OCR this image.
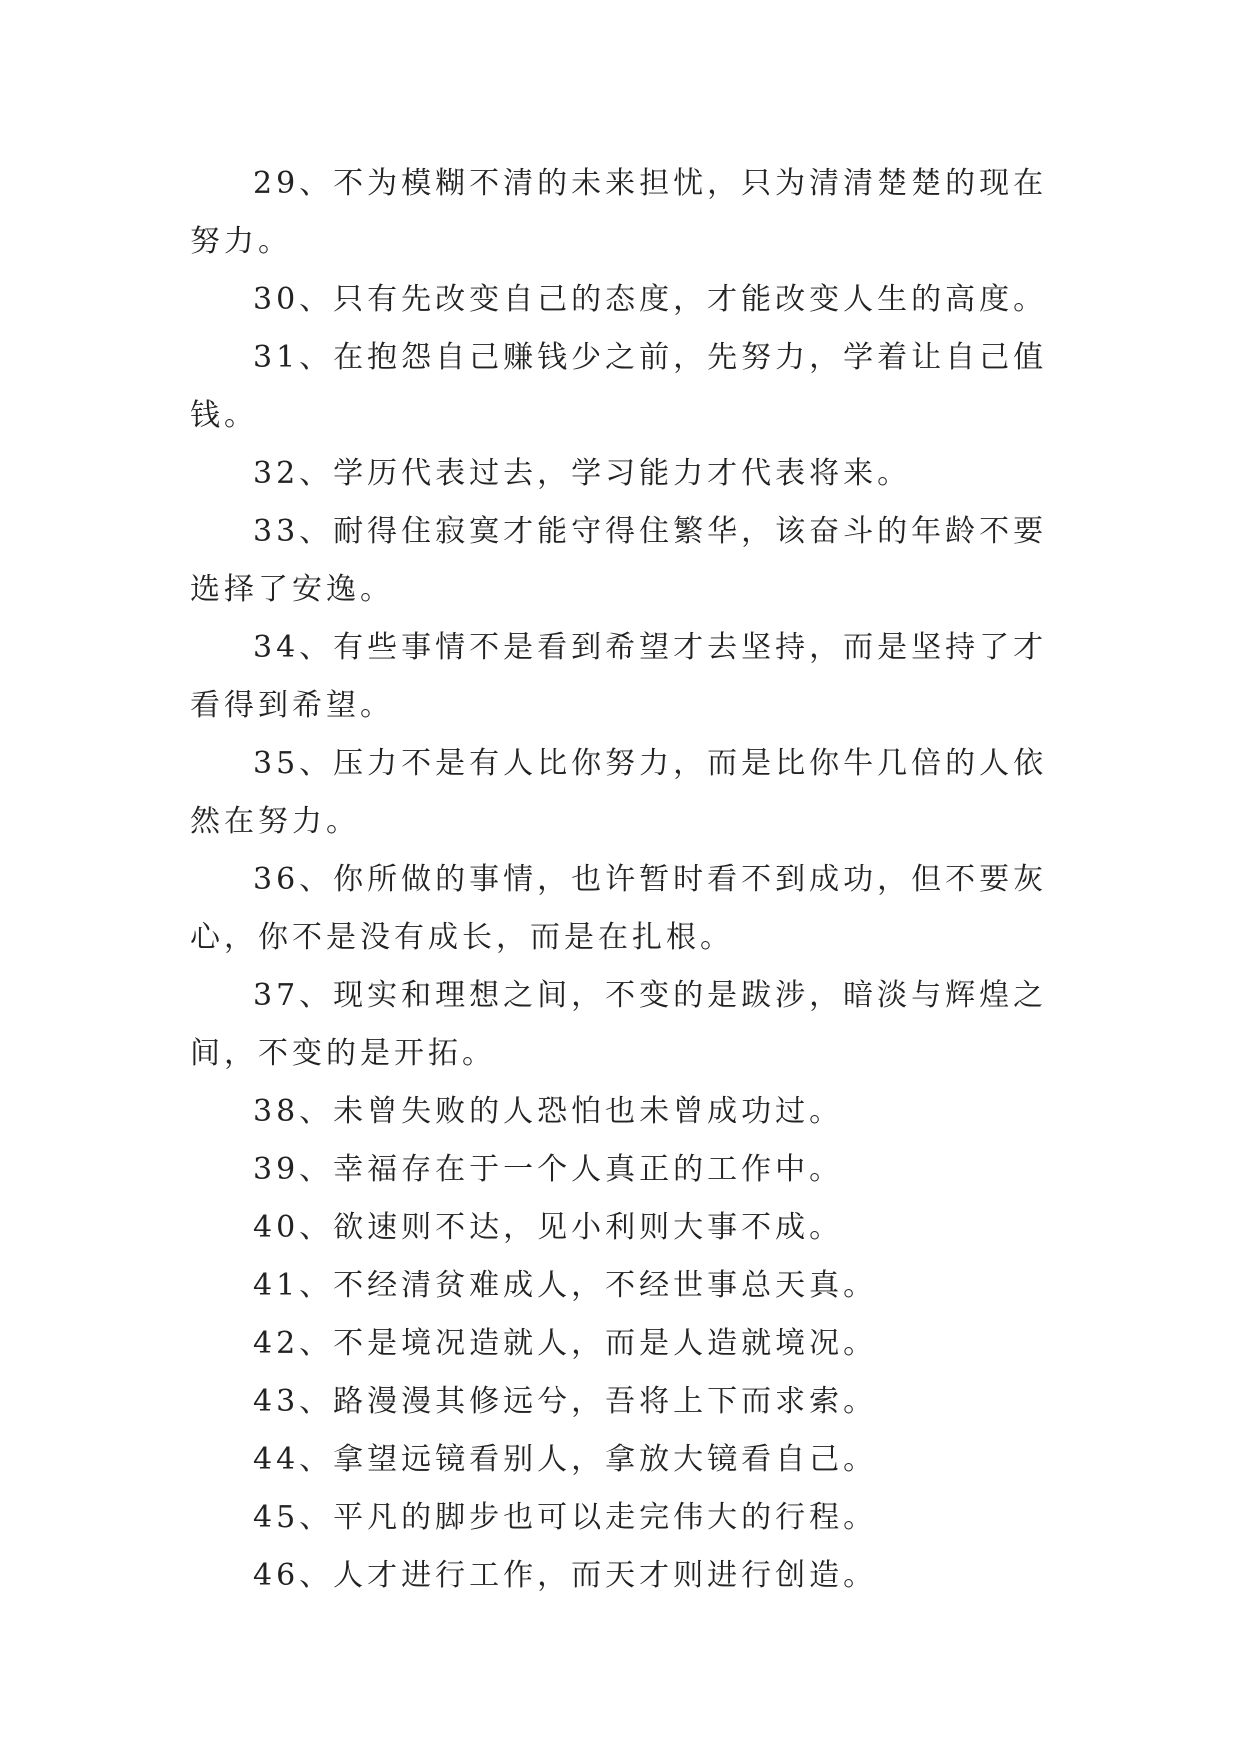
29、不为模糊不清的未来担忧，只为清清楚楚的现在努力。

30、只有先改变自己的态度，才能改变人生的高度。

31、在抱怨自己赚钱少之前，先努力，学着让自己值钱。

32、学历代表过去，学习能力才代表将来。

33、耐得住寂寞才能守得住繁华，该奋斗的年龄不要选择了安逸。

34、有些事情不是看到希望才去坚持，而是坚持了才看得到希望。

35、压力不是有人比你努力，而是比你牛几倍的人依然在努力。

36、你所做的事情，也许暂时看不到成功，但不要灰心，你不是没有成长，而是在扎根。

37、现实和理想之间，不变的是跋涉，暗淡与辉煌之间，不变的是开拓。

38、未曾失败的人恐怕也未曾成功过。

39、幸福存在于一个人真正的工作中。

40、欲速则不达，见小利则大事不成。

41、不经清贫难成人，不经世事总天真。

42、不是境况造就人，而是人造就境况。

43、路漫漫其修远兮，吾将上下而求索。

44、拿望远镜看别人，拿放大镜看自己。

45、平凡的脚步也可以走完伟大的行程。

46、人才进行工作，而天才则进行创造。
